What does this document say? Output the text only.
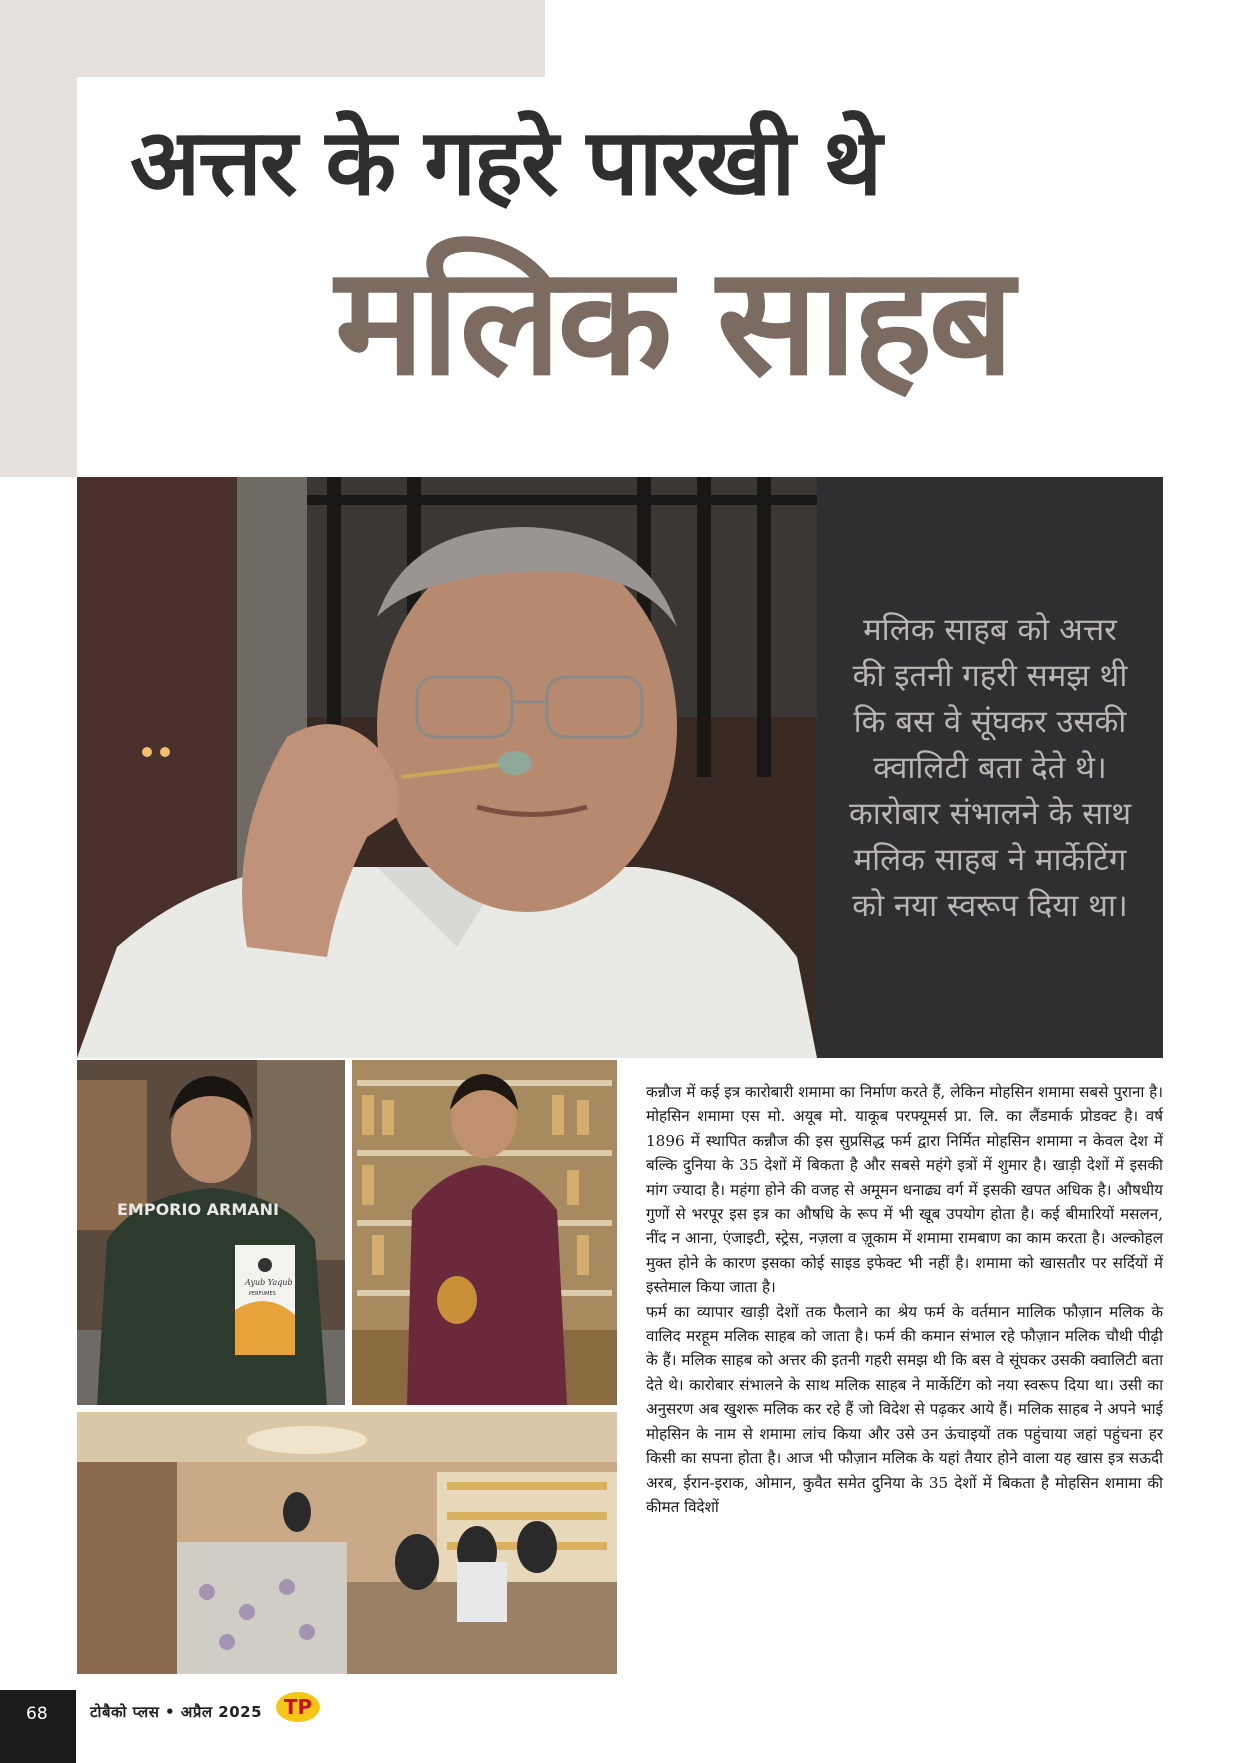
अत्तर के गहरे पारखी थे
मलिक साहब
मलिक साहब को अत्तर की इतनी गहरी समझ थी कि बस वे सूंघकर उसकी क्वालिटी बता देते थे। कारोबार संभालने के साथ मलिक साहब ने मार्केटिंग को नया स्वरूप दिया था।
EMPORIO ARMANI
Ayub Yaqub
PERFUMES

कन्नौज में कई इत्र कारोबारी शमामा का निर्माण करते हैं, लेकिन मोहसिन शमामा सबसे पुराना है। मोहसिन शमामा एस मो. अयूब मो. याकूब परफ्यूमर्स प्रा. लि. का लैंडमार्क प्रोडक्ट है। वर्ष 1896 में स्थापित कन्नौज की इस सुप्रसिद्ध फर्म द्वारा निर्मित मोहसिन शमामा न केवल देश में बल्कि दुनिया के 35 देशों में बिकता है और सबसे महंगे इत्रों में शुमार है। खाड़ी देशों में इसकी मांग ज्यादा है। महंगा होने की वजह से अमूमन धनाढ्य वर्ग में इसकी खपत अधिक है। औषधीय गुणों से भरपूर इस इत्र का औषधि के रूप में भी खूब उपयोग होता है। कई बीमारियों मसलन, नींद न आना, एंजाइटी, स्ट्रेस, नज़ला व ज़ूकाम में शमामा रामबाण का काम करता है। अल्कोहल मुक्त होने के कारण इसका कोई साइड इफेक्ट भी नहीं है। शमामा को खासतौर पर सर्दियों में इस्तेमाल किया जाता है।

फर्म का व्यापार खाड़ी देशों तक फैलाने का श्रेय फर्म के वर्तमान मालिक फौज़ान मलिक के वालिद मरहूम मलिक साहब को जाता है। फर्म की कमान संभाल रहे फौज़ान मलिक चौथी पीढ़ी के हैं। मलिक साहब को अत्तर की इतनी गहरी समझ थी कि बस वे सूंघकर उसकी क्वालिटी बता देते थे। कारोबार संभालने के साथ मलिक साहब ने मार्केटिंग को नया स्वरूप दिया था। उसी का अनुसरण अब खुशरू मलिक कर रहे हैं जो विदेश से पढ़कर आये हैं। मलिक साहब ने अपने भाई मोहसिन के नाम से शमामा लांच किया और उसे उन ऊंचाइयों तक पहुंचाया जहां पहुंचना हर किसी का सपना होता है। आज भी फौज़ान मलिक के यहां तैयार होने वाला यह खास इत्र सऊदी अरब, ईरान-इराक, ओमान, कुवैत समेत दुनिया के 35 देशों में बिकता है मोहसिन शमामा की कीमत विदेशों

68	टोबैको प्लस • अप्रैल 2025 TP
